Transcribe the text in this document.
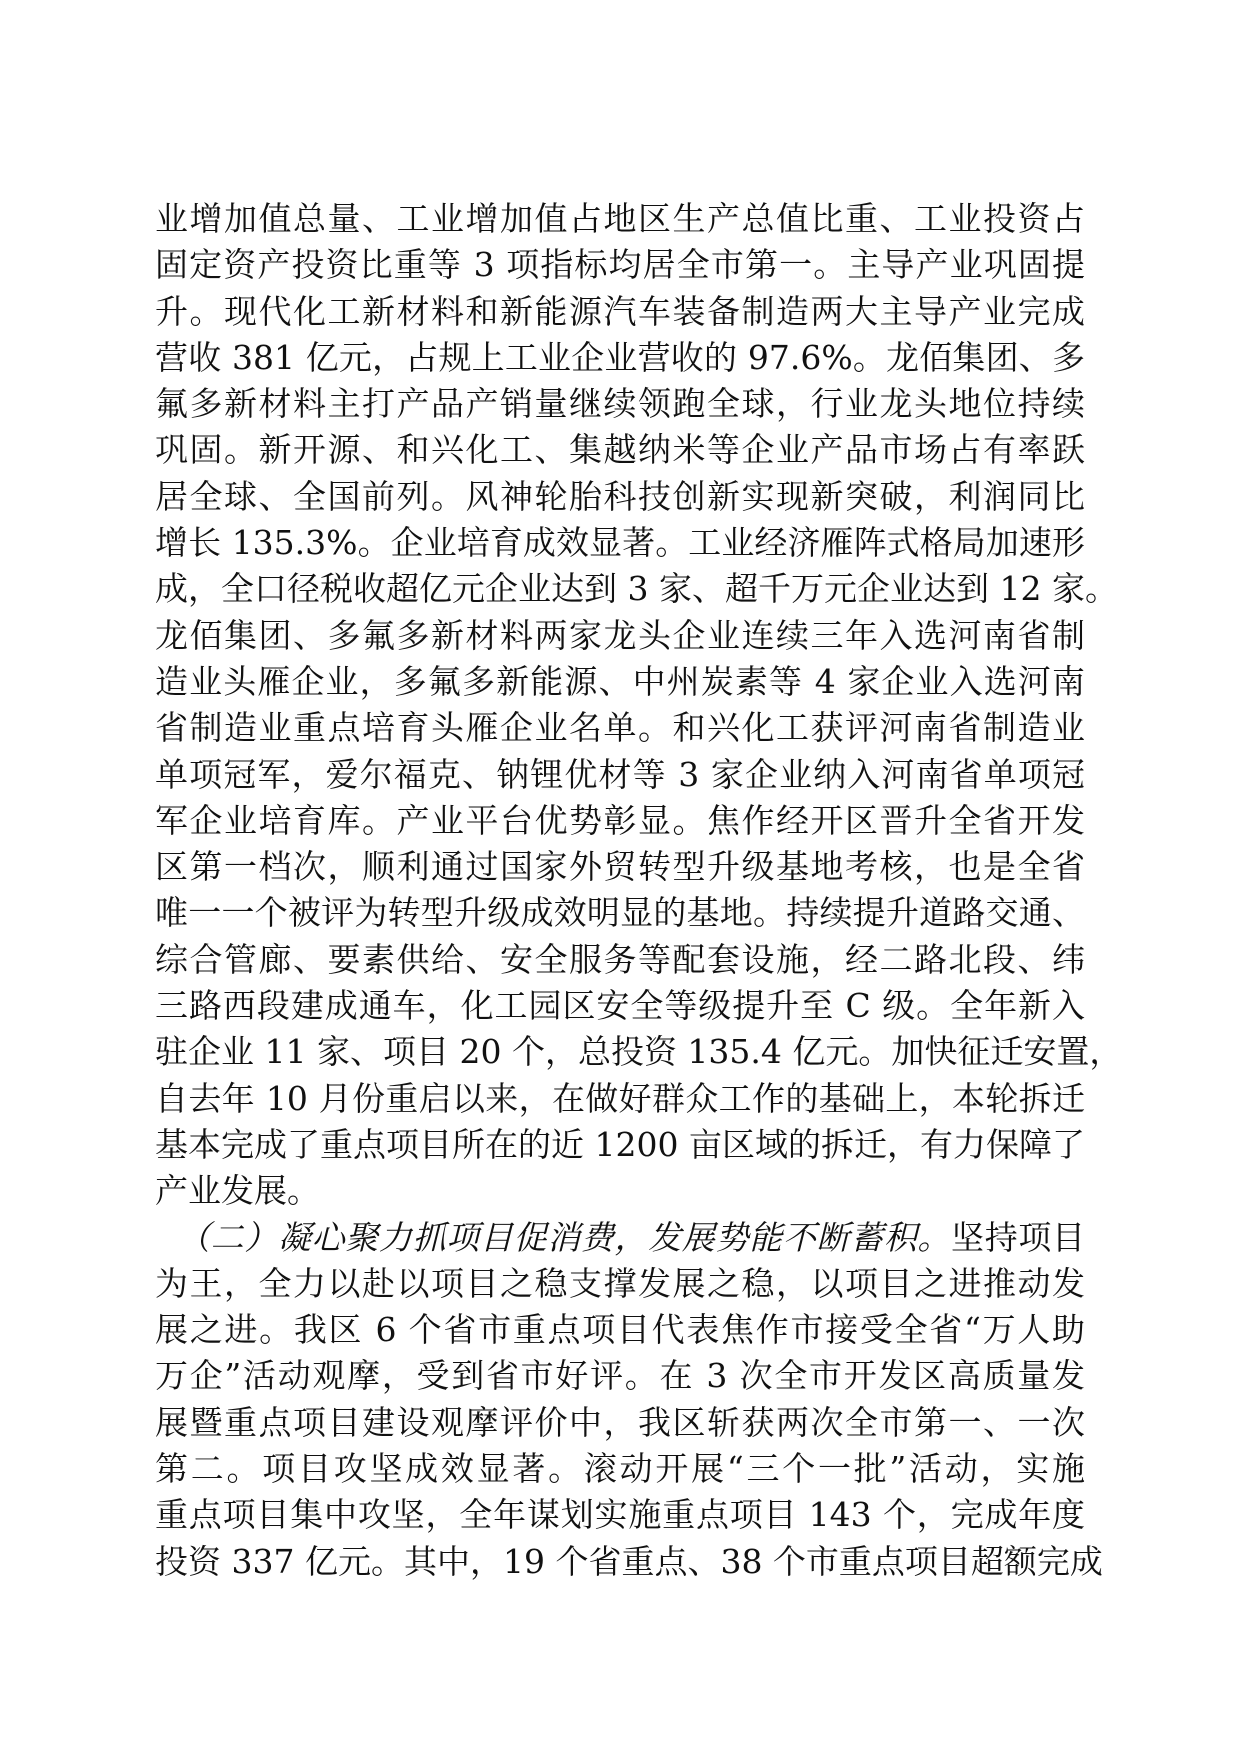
业增加值总量、工业增加值占地区生产总值比重、工业投资占
固定资产投资比重等 3 项指标均居全市第一。主导产业巩固提
升。现代化工新材料和新能源汽车装备制造两大主导产业完成
营收 381 亿元，占规上工业企业营收的 97.6%。龙佰集团、多
氟多新材料主打产品产销量继续领跑全球，行业龙头地位持续
巩固。新开源、和兴化工、集越纳米等企业产品市场占有率跃
居全球、全国前列。风神轮胎科技创新实现新突破，利润同比
增长 135.3%。企业培育成效显著。工业经济雁阵式格局加速形
成，全口径税收超亿元企业达到 3 家、超千万元企业达到 12 家。
龙佰集团、多氟多新材料两家龙头企业连续三年入选河南省制
造业头雁企业，多氟多新能源、中州炭素等 4 家企业入选河南
省制造业重点培育头雁企业名单。和兴化工获评河南省制造业
单项冠军，爱尔福克、钠锂优材等 3 家企业纳入河南省单项冠
军企业培育库。产业平台优势彰显。焦作经开区晋升全省开发
区第一档次，顺利通过国家外贸转型升级基地考核，也是全省
唯一一个被评为转型升级成效明显的基地。持续提升道路交通、
综合管廊、要素供给、安全服务等配套设施，经二路北段、纬
三路西段建成通车，化工园区安全等级提升至 C 级。全年新入
驻企业 11 家、项目 20 个，总投资 135.4 亿元。加快征迁安置，
自去年 10 月份重启以来，在做好群众工作的基础上，本轮拆迁
基本完成了重点项目所在的近 1200 亩区域的拆迁，有力保障了
产业发展。
（二）凝心聚力抓项目促消费，发展势能不断蓄积。坚持项目
为王，全力以赴以项目之稳支撑发展之稳，以项目之进推动发
展之进。我区 6 个省市重点项目代表焦作市接受全省“万人助
万企”活动观摩，受到省市好评。在 3 次全市开发区高质量发
展暨重点项目建设观摩评价中，我区斩获两次全市第一、一次
第二。项目攻坚成效显著。滚动开展“三个一批”活动，实施
重点项目集中攻坚，全年谋划实施重点项目 143 个，完成年度
投资 337 亿元。其中，19 个省重点、38 个市重点项目超额完成
